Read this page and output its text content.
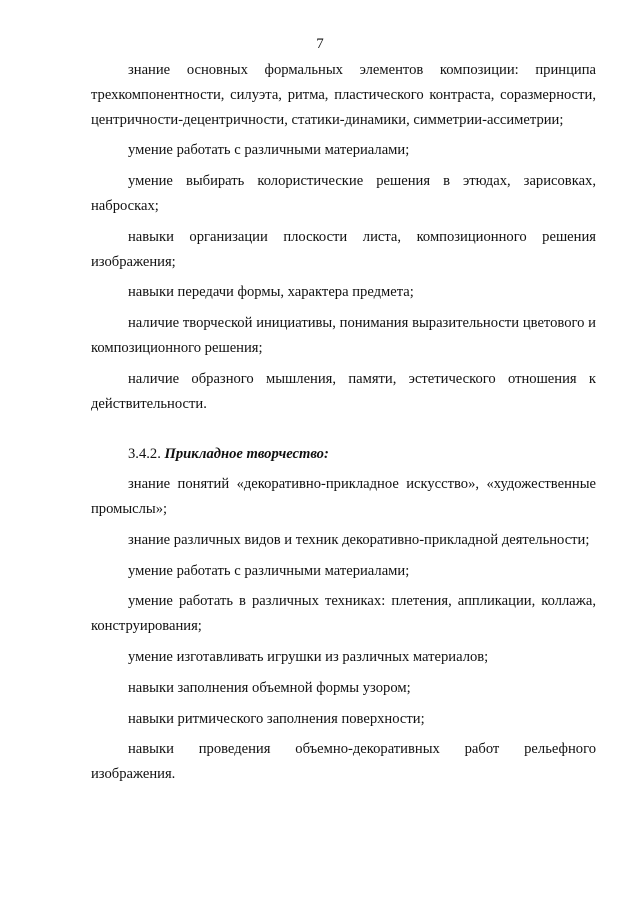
7

знание основных формальных элементов композиции: принципа трехкомпонентности, силуэта, ритма, пластического контраста, соразмерности, центричности-децентричности, статики-динамики, симметрии-ассиметрии;

умение работать с различными материалами;

умение выбирать колористические решения в этюдах, зарисовках, набросках;

навыки организации плоскости листа, композиционного решения изображения;

навыки передачи формы, характера предмета;

наличие творческой инициативы, понимания выразительности цветового и композиционного решения;

наличие образного мышления, памяти, эстетического отношения к действительности.

3.4.2. Прикладное творчество:

знание понятий «декоративно-прикладное искусство», «художественные промыслы»;

знание различных видов и техник декоративно-прикладной деятельности;

умение работать с различными материалами;

умение работать в различных техниках: плетения, аппликации, коллажа, конструирования;

умение изготавливать игрушки из различных материалов;

навыки заполнения объемной формы узором;

навыки ритмического заполнения поверхности;

навыки проведения объемно-декоративных работ рельефного изображения.
